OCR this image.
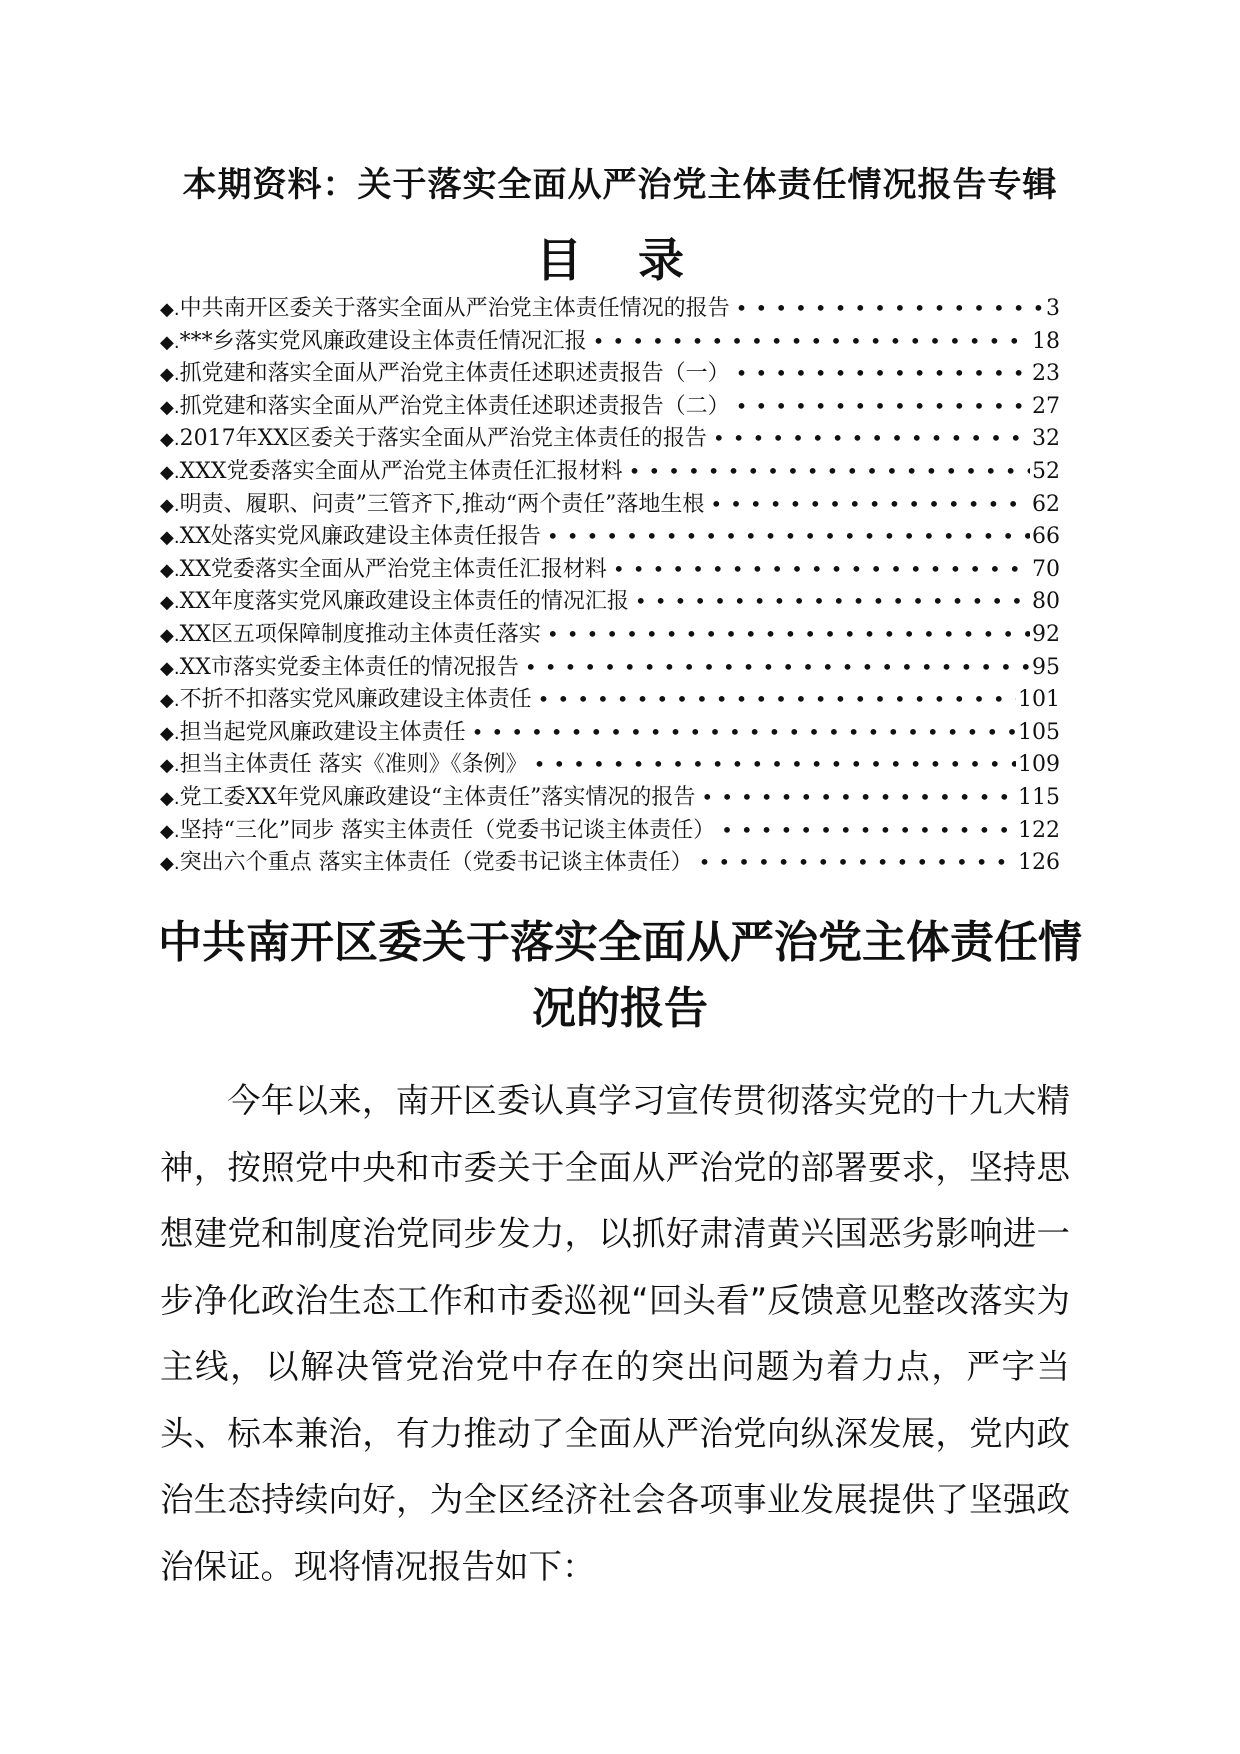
本期资料：关于落实全面从严治党主体责任情况报告专辑
目 录
◆. 中共南开区委关于落实全面从严治党主体责任情况的报告 •••••	3
◆. ***乡落实党风廉政建设主体责任情况汇报 •••••	18
◆. 抓党建和落实全面从严治党主体责任述职述责报告（一） •••••	23
◆. 抓党建和落实全面从严治党主体责任述职述责报告（二） •••••	27
◆. 2017年XX区委关于落实全面从严治党主体责任的报告 •••••	32
◆. XXX党委落实全面从严治党主体责任汇报材料 •••••	52
◆. 明责、履职、问责”三管齐下,推动“两个责任”落地生根 •••••	62
◆. XX处落实党风廉政建设主体责任报告 •••••	66
◆. XX党委落实全面从严治党主体责任汇报材料 •••••	70
◆. XX年度落实党风廉政建设主体责任的情况汇报 •••••	80
◆. XX区五项保障制度推动主体责任落实 •••••	92
◆. XX市落实党委主体责任的情况报告 •••••	95
◆. 不折不扣落实党风廉政建设主体责任 •••••	101
◆. 担当起党风廉政建设主体责任 •••••	105
◆. 担当主体责任 落实《准则》《条例》 •••••	109
◆. 党工委XX年党风廉政建设“主体责任”落实情况的报告 •••••	115
◆. 坚持“三化”同步 落实主体责任（党委书记谈主体责任） •••••	122
◆. 突出六个重点 落实主体责任（党委书记谈主体责任） •••••	126
中共南开区委关于落实全面从严治党主体责任情况的报告

今年以来，南开区委认真学习宣传贯彻落实党的十九大精神，按照党中央和市委关于全面从严治党的部署要求，坚持思想建党和制度治党同步发力，以抓好肃清黄兴国恶劣影响进一步净化政治生态工作和市委巡视“回头看”反馈意见整改落实为主线，以解决管党治党中存在的突出问题为着力点，严字当头、标本兼治，有力推动了全面从严治党向纵深发展，党内政治生态持续向好，为全区经济社会各项事业发展提供了坚强政治保证。现将情况报告如下：
